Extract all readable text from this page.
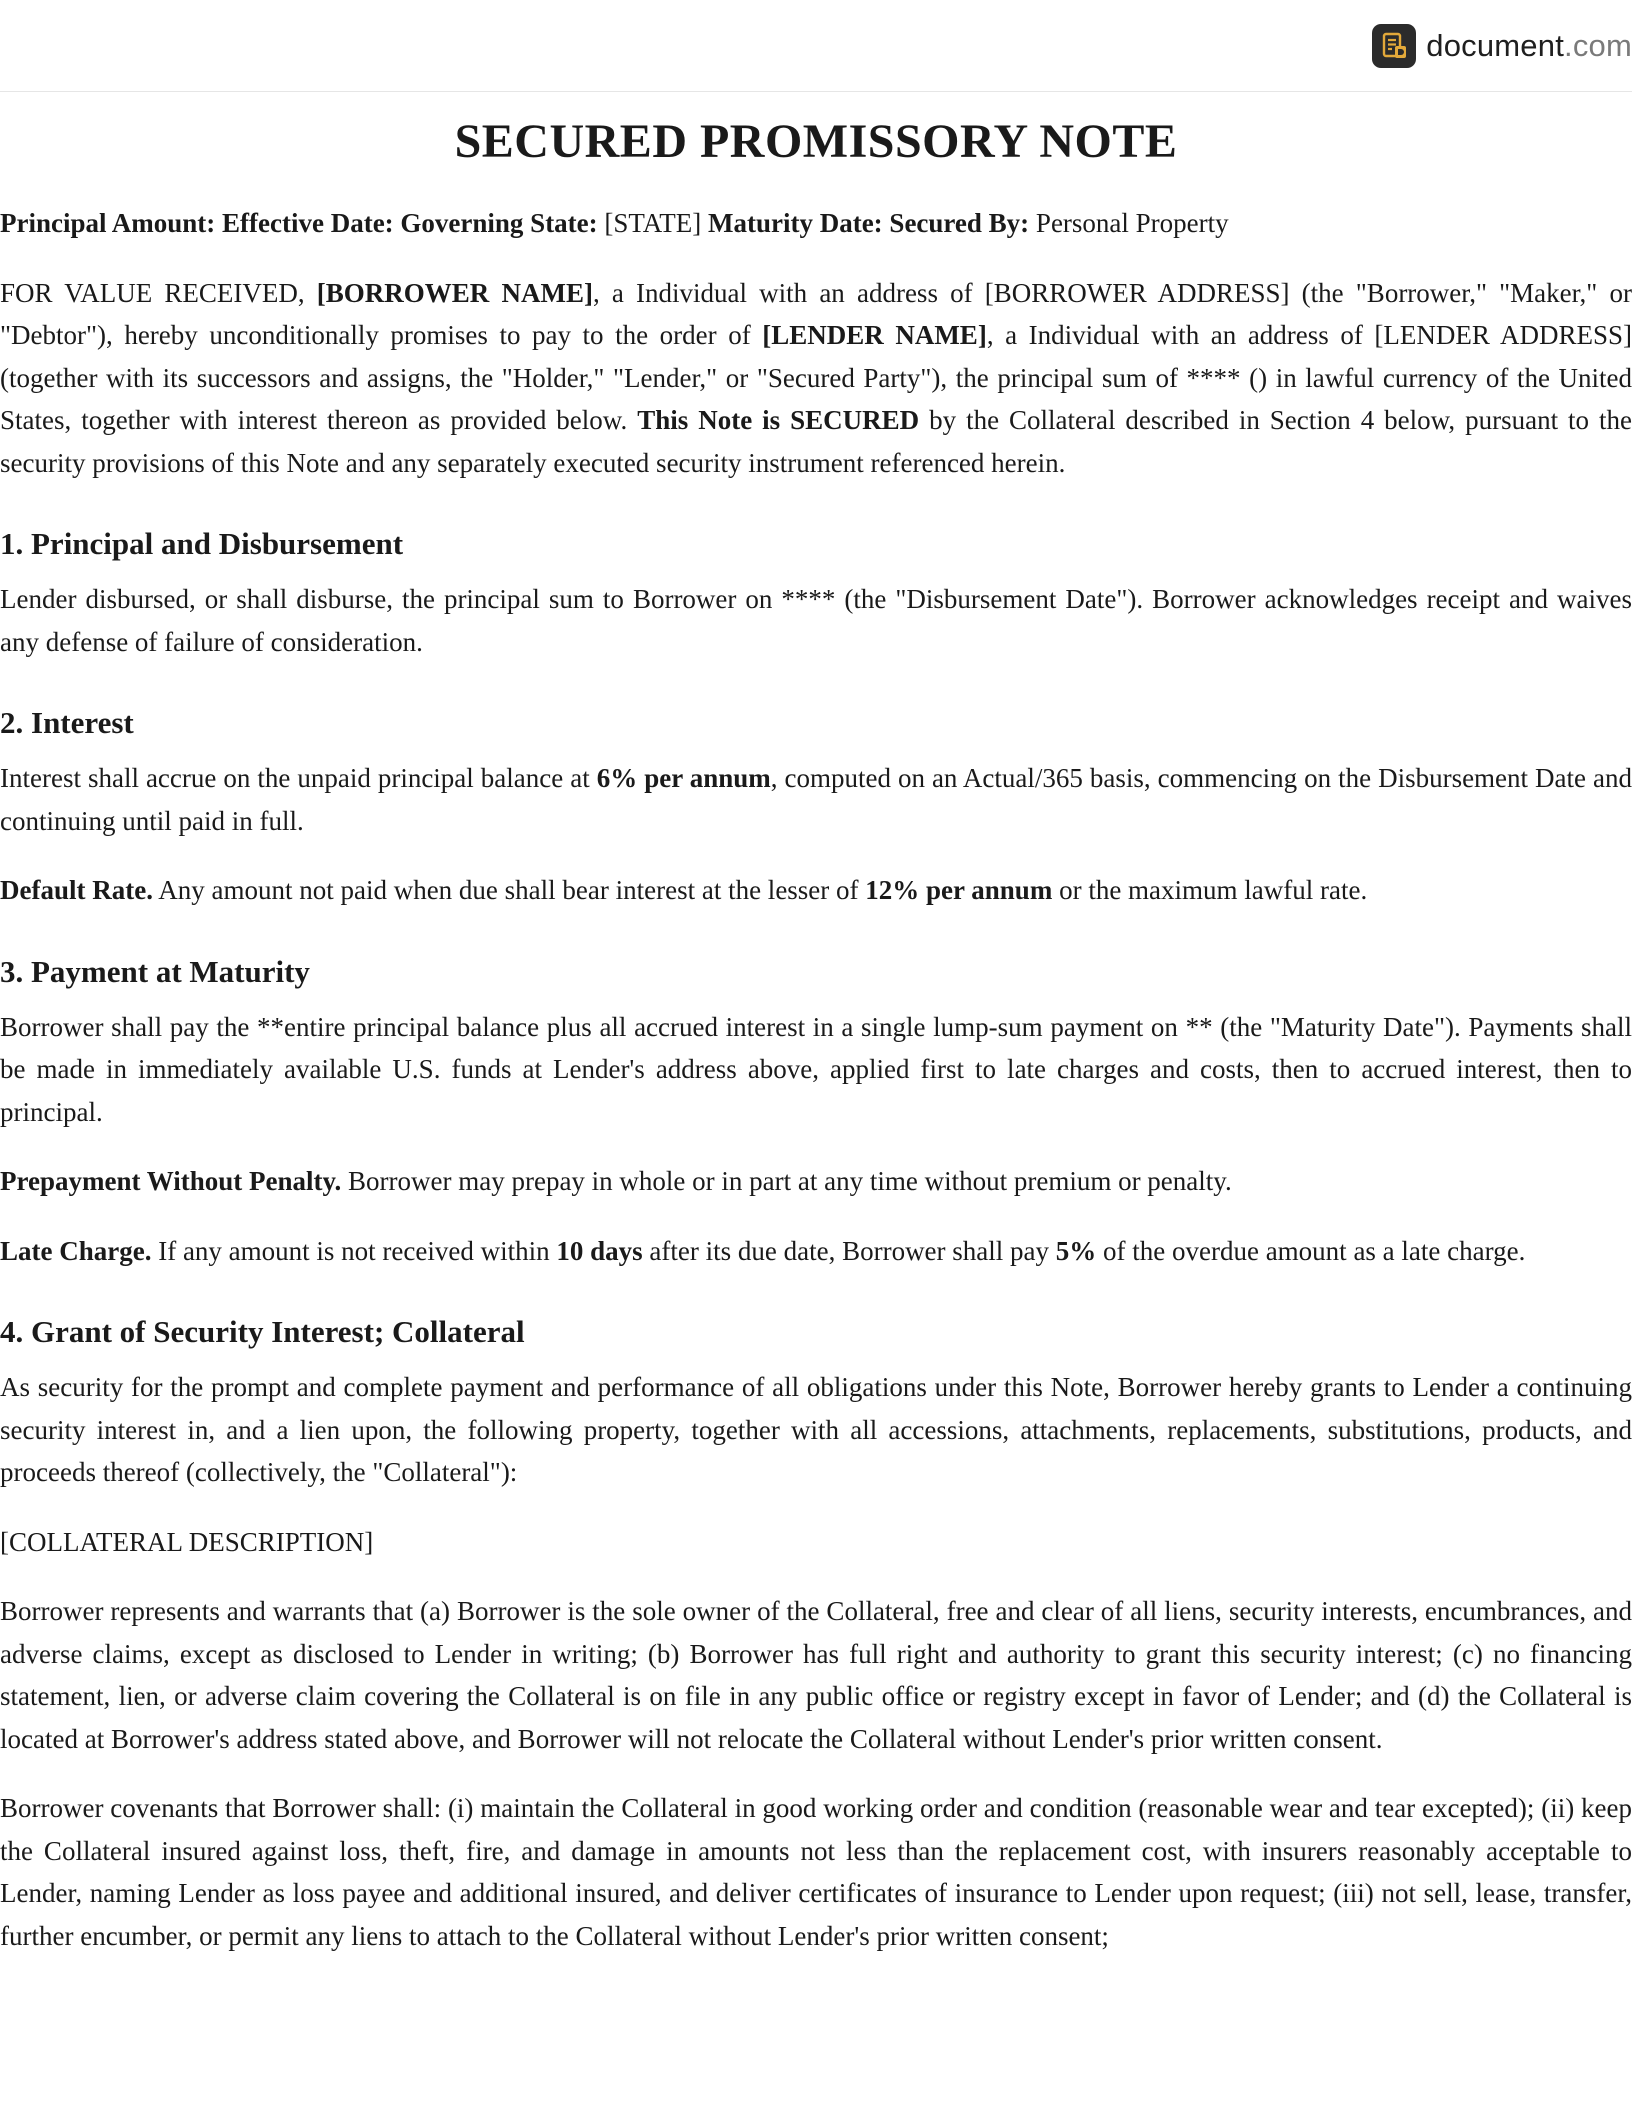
document.com
SECURED PROMISSORY NOTE

Principal Amount: Effective Date: Governing State: [STATE] Maturity Date: Secured By: Personal Property

FOR VALUE RECEIVED, [BORROWER NAME], a Individual with an address of [BORROWER ADDRESS] (the "Borrower," "Maker," or "Debtor"), hereby unconditionally promises to pay to the order of [LENDER NAME], a Individual with an address of [LENDER ADDRESS] (together with its successors and assigns, the "Holder," "Lender," or "Secured Party"), the principal sum of **** () in lawful currency of the United States, together with interest thereon as provided below. This Note is SECURED by the Collateral described in Section 4 below, pursuant to the security provisions of this Note and any separately executed security instrument referenced herein.

1. Principal and Disbursement

Lender disbursed, or shall disburse, the principal sum to Borrower on **** (the "Disbursement Date"). Borrower acknowledges receipt and waives any defense of failure of consideration.

2. Interest

Interest shall accrue on the unpaid principal balance at 6% per annum, computed on an Actual/365 basis, commencing on the Disbursement Date and continuing until paid in full.

Default Rate. Any amount not paid when due shall bear interest at the lesser of 12% per annum or the maximum lawful rate.

3. Payment at Maturity

Borrower shall pay the **entire principal balance plus all accrued interest in a single lump-sum payment on ** (the "Maturity Date"). Payments shall be made in immediately available U.S. funds at Lender's address above, applied first to late charges and costs, then to accrued interest, then to principal.

Prepayment Without Penalty. Borrower may prepay in whole or in part at any time without premium or penalty.

Late Charge. If any amount is not received within 10 days after its due date, Borrower shall pay 5% of the overdue amount as a late charge.

4. Grant of Security Interest; Collateral

As security for the prompt and complete payment and performance of all obligations under this Note, Borrower hereby grants to Lender a continuing security interest in, and a lien upon, the following property, together with all accessions, attachments, replacements, substitutions, products, and proceeds thereof (collectively, the "Collateral"):

[COLLATERAL DESCRIPTION]

Borrower represents and warrants that (a) Borrower is the sole owner of the Collateral, free and clear of all liens, security interests, encumbrances, and adverse claims, except as disclosed to Lender in writing; (b) Borrower has full right and authority to grant this security interest; (c) no financing statement, lien, or adverse claim covering the Collateral is on file in any public office or registry except in favor of Lender; and (d) the Collateral is located at Borrower's address stated above, and Borrower will not relocate the Collateral without Lender's prior written consent.

Borrower covenants that Borrower shall: (i) maintain the Collateral in good working order and condition (reasonable wear and tear excepted); (ii) keep the Collateral insured against loss, theft, fire, and damage in amounts not less than the replacement cost, with insurers reasonably acceptable to Lender, naming Lender as loss payee and additional insured, and deliver certificates of insurance to Lender upon request; (iii) not sell, lease, transfer, further encumber, or permit any liens to attach to the Collateral without Lender's prior written consent;
